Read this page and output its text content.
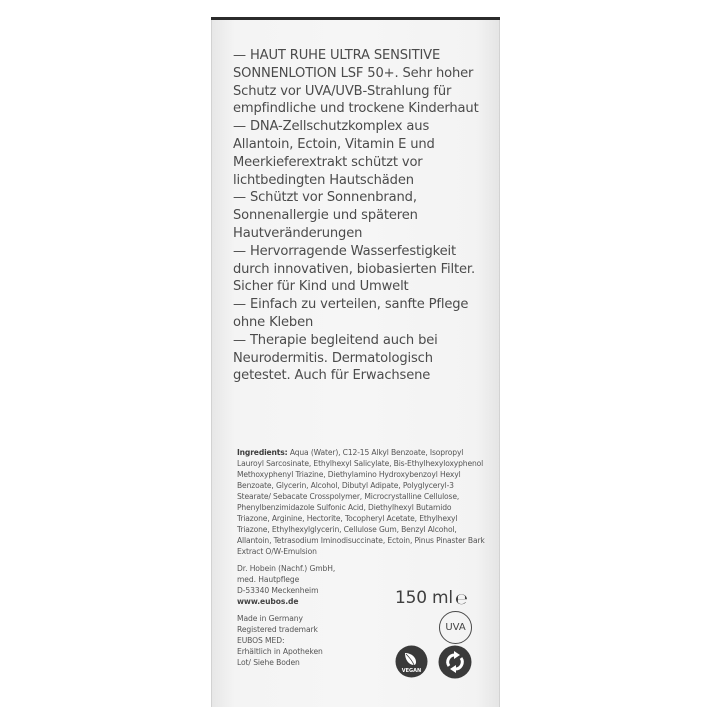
— HAUT RUHE ULTRA SENSITIVE SONNENLOTION LSF 50+. Sehr hoher Schutz vor UVA/UVB-Strahlung für empfindliche und trockene Kinderhaut
— DNA-Zellschutzkomplex aus Allantoin, Ectoin, Vitamin E und Meerkieferextrakt schützt vor lichtbedingten Hautschäden
— Schützt vor Sonnenbrand, Sonnenallergie und späteren Hautveränderungen
— Hervorragende Wasserfestigkeit durch innovativen, biobasierten Filter. Sicher für Kind und Umwelt
— Einfach zu verteilen, sanfte Pflege ohne Kleben
— Therapie begleitend auch bei Neurodermitis. Dermatologisch getestet. Auch für Erwachsene

Ingredients: Aqua (Water), C12-15 Alkyl Benzoate, Isopropyl Lauroyl Sarcosinate, Ethylhexyl Salicylate, Bis-Ethylhexyloxyphenol Methoxyphenyl Triazine, Diethylamino Hydroxybenzoyl Hexyl Benzoate, Glycerin, Alcohol, Dibutyl Adipate, Polyglyceryl-3 Stearate/ Sebacate Crosspolymer, Microcrystalline Cellulose, Phenylbenzimidazole Sulfonic Acid, Diethylhexyl Butamido Triazone, Arginine, Hectorite, Tocopheryl Acetate, Ethylhexyl Triazone, Ethylhexylglycerin, Cellulose Gum, Benzyl Alcohol, Allantoin, Tetrasodium Iminodisuccinate, Ectoin, Pinus Pinaster Bark Extract O/W-Emulsion

Dr. Hobein (Nachf.) GmbH,
med. Hautpflege
D-53340 Meckenheim
www.eubos.de
Made in Germany
Registered trademark
EUBOS MED:
Erhältlich in Apotheken
Lot/ Siehe Boden
150 ml ℮
UVA
VEGAN
